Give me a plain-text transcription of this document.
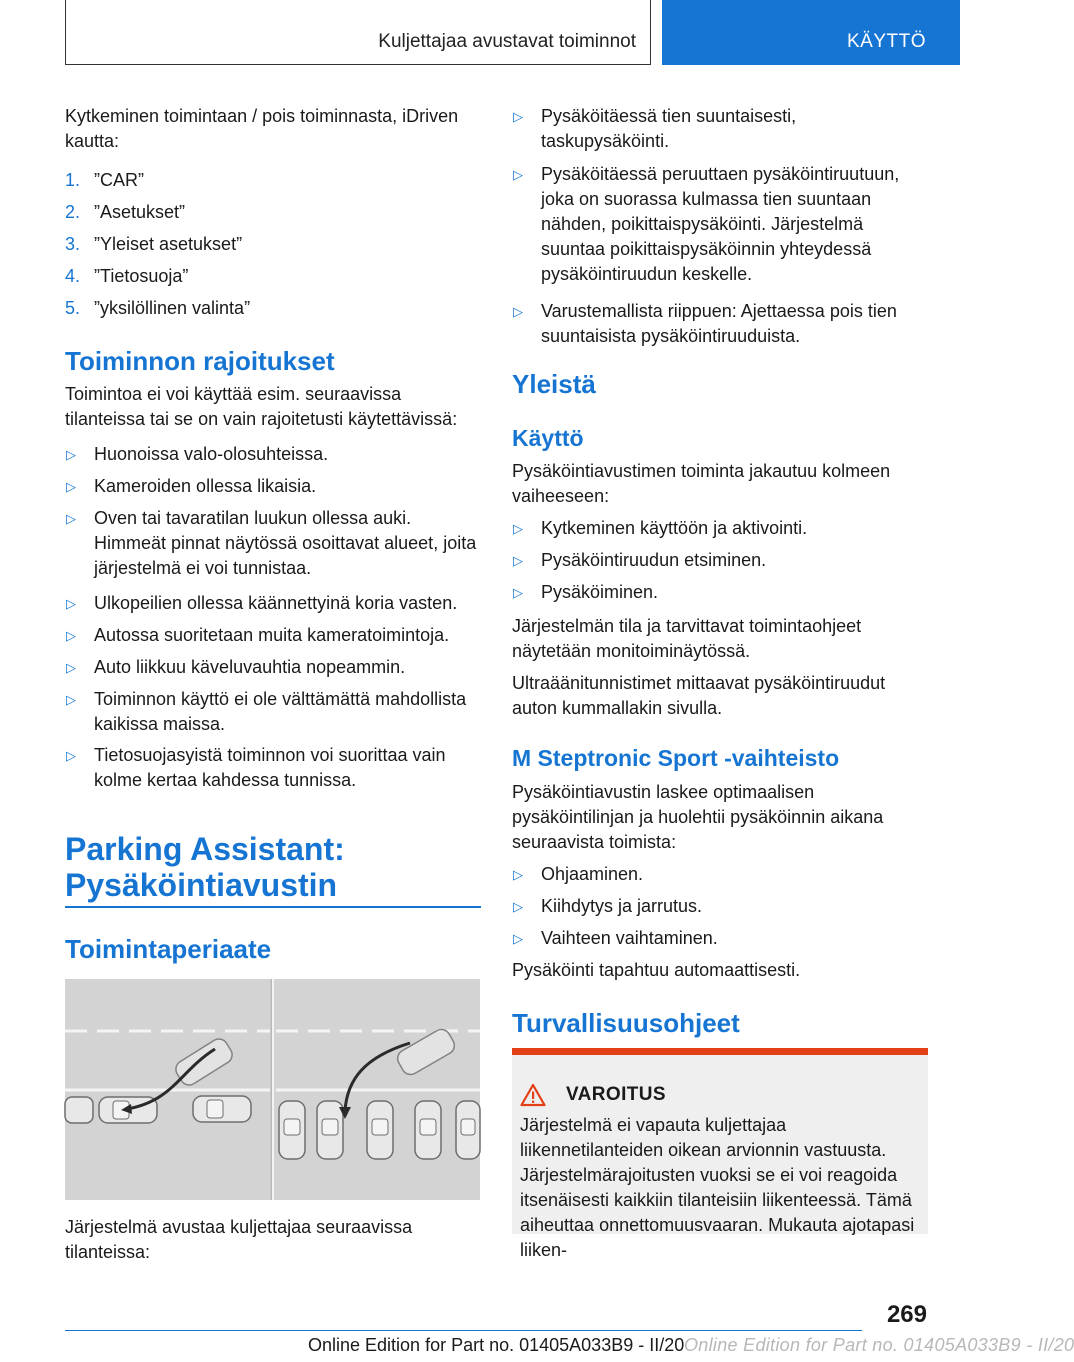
Kuljettajaa avustavat toiminnot	KÄYTTÖ

Kytkeminen toimintaan / pois toiminnasta, iDriven kautta:

1. ”CAR”
2. ”Asetukset”
3. ”Yleiset asetukset”
4. ”Tietosuoja”
5. ”yksilöllinen valinta”
Toiminnon rajoitukset

Toimintoa ei voi käyttää esim. seuraavissa tilanteissa tai se on vain rajoitetusti käytettävissä:

▷ Huonoissa valo-olosuhteissa.
▷ Kameroiden ollessa likaisia.
▷ Oven tai tavaratilan luukun ollessa auki. Himmeät pinnat näytössä osoittavat alueet, joita järjestelmä ei voi tunnistaa.
▷ Ulkopeilien ollessa käännettyinä koria vasten.
▷ Autossa suoritetaan muita kameratoimintoja.
▷ Auto liikkuu käveluvauhtia nopeammin.
▷ Toiminnon käyttö ei ole välttämättä mahdollista kaikissa maissa.
▷ Tietosuojasyistä toiminnon voi suorittaa vain kolme kertaa kahdessa tunnissa.
Parking Assistant:
Pysäköintiavustin
Toimintaperiaate

Järjestelmä avustaa kuljettajaa seuraavissa tilanteissa:

▷ Pysäköitäessä tien suuntaisesti, taskupysäköinti.
▷ Pysäköitäessä peruuttaen pysäköintiruutuun, joka on suorassa kulmassa tien suuntaan nähden, poikittaispysäköinti. Järjestelmä suuntaa poikittaispysäköinnin yhteydessä pysäköintiruudun keskelle.
▷ Varustemallista riippuen: Ajettaessa pois tien suuntaisista pysäköintiruuduista.
Yleistä
Käyttö

Pysäköintiavustimen toiminta jakautuu kolmeen vaiheeseen:

▷ Kytkeminen käyttöön ja aktivointi.
▷ Pysäköintiruudun etsiminen.
▷ Pysäköiminen.

Järjestelmän tila ja tarvittavat toimintaohjeet näytetään monitoiminäytössä.

Ultraäänitunnistimet mittaavat pysäköintiruudut auton kummallakin sivulla.

M Steptronic Sport -vaihteisto

Pysäköintiavustin laskee optimaalisen pysäköintilinjan ja huolehtii pysäköinnin aikana seuraavista toimista:

▷ Ohjaaminen.
▷ Kiihdytys ja jarrutus.
▷ Vaihteen vaihtaminen.

Pysäköinti tapahtuu automaattisesti.

Turvallisuusohjeet
VAROITUS

Järjestelmä ei vapauta kuljettajaa liikennetilanteiden oikean arvionnin vastuusta. Järjestelmärajoitusten vuoksi se ei voi reagoida itsenäisesti kaikkiin tilanteisiin liikenteessä. Tämä aiheuttaa onnettomuusvaaran. Mukauta ajotapasi liiken-

269
Online Edition for Part no. 01405A033B9 - II/20 Online Edition for Part no. 01405A033B9 - II/20
